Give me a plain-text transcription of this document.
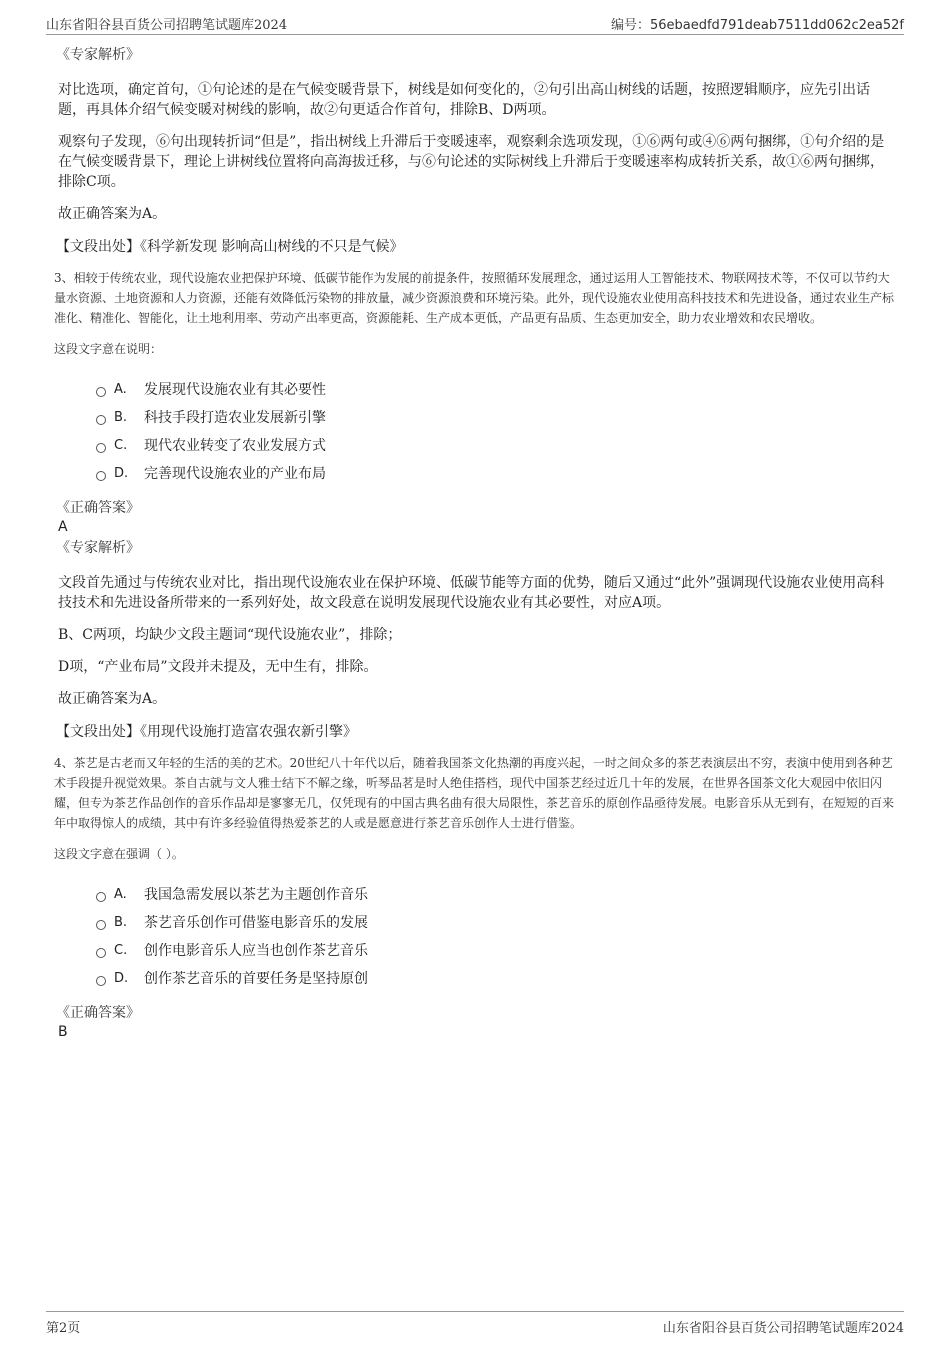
山东省阳谷县百货公司招聘笔试题库2024	编号：56ebaedfd791deab7511dd062c2ea52f

《专家解析》

对比选项，确定首句，①句论述的是在气候变暖背景下，树线是如何变化的，②句引出高山树线的话题，按照逻辑顺序，应先引出话题，再具体介绍气候变暖对树线的影响，故②句更适合作首句，排除B、D两项。

观察句子发现，⑥句出现转折词“但是”，指出树线上升滞后于变暖速率，观察剩余选项发现，①⑥两句或④⑥两句捆绑，①句介绍的是在气候变暖背景下，理论上讲树线位置将向高海拔迁移，与⑥句论述的实际树线上升滞后于变暖速率构成转折关系，故①⑥两句捆绑，排除C项。

故正确答案为A。

【文段出处】《科学新发现 影响高山树线的不只是气候》

3、相较于传统农业，现代设施农业把保护环境、低碳节能作为发展的前提条件，按照循环发展理念，通过运用人工智能技术、物联网技术等，不仅可以节约大量水资源、土地资源和人力资源，还能有效降低污染物的排放量，减少资源浪费和环境污染。此外，现代设施农业使用高科技技术和先进设备，通过农业生产标准化、精准化、智能化，让土地利用率、劳动产出率更高，资源能耗、生产成本更低，产品更有品质、生态更加安全，助力农业增效和农民增收。

这段文字意在说明：

A.	发展现代设施农业有其必要性
B.	科技手段打造农业发展新引擎
C.	现代农业转变了农业发展方式
D.	完善现代设施农业的产业布局

《正确答案》

A

《专家解析》

文段首先通过与传统农业对比，指出现代设施农业在保护环境、低碳节能等方面的优势，随后又通过“此外”强调现代设施农业使用高科技技术和先进设备所带来的一系列好处，故文段意在说明发展现代设施农业有其必要性，对应A项。

B、C两项，均缺少文段主题词“现代设施农业”，排除；

D项，“产业布局”文段并未提及，无中生有，排除。

故正确答案为A。

【文段出处】《用现代设施打造富农强农新引擎》

4、茶艺是古老而又年轻的生活的美的艺术。20世纪八十年代以后，随着我国茶文化热潮的再度兴起，一时之间众多的茶艺表演层出不穷，表演中使用到各种艺术手段提升视觉效果。茶自古就与文人雅士结下不解之缘，听琴品茗是时人绝佳搭档，现代中国茶艺经过近几十年的发展，在世界各国茶文化大观园中依旧闪耀，但专为茶艺作品创作的音乐作品却是寥寥无几，仅凭现有的中国古典名曲有很大局限性，茶艺音乐的原创作品亟待发展。电影音乐从无到有，在短短的百来年中取得惊人的成绩，其中有许多经验值得热爱茶艺的人或是愿意进行茶艺音乐创作人士进行借鉴。

这段文字意在强调（ ）。

A.	我国急需发展以茶艺为主题创作音乐
B.	茶艺音乐创作可借鉴电影音乐的发展
C.	创作电影音乐人应当也创作茶艺音乐
D.	创作茶艺音乐的首要任务是坚持原创

《正确答案》

B

第2页	山东省阳谷县百货公司招聘笔试题库2024
